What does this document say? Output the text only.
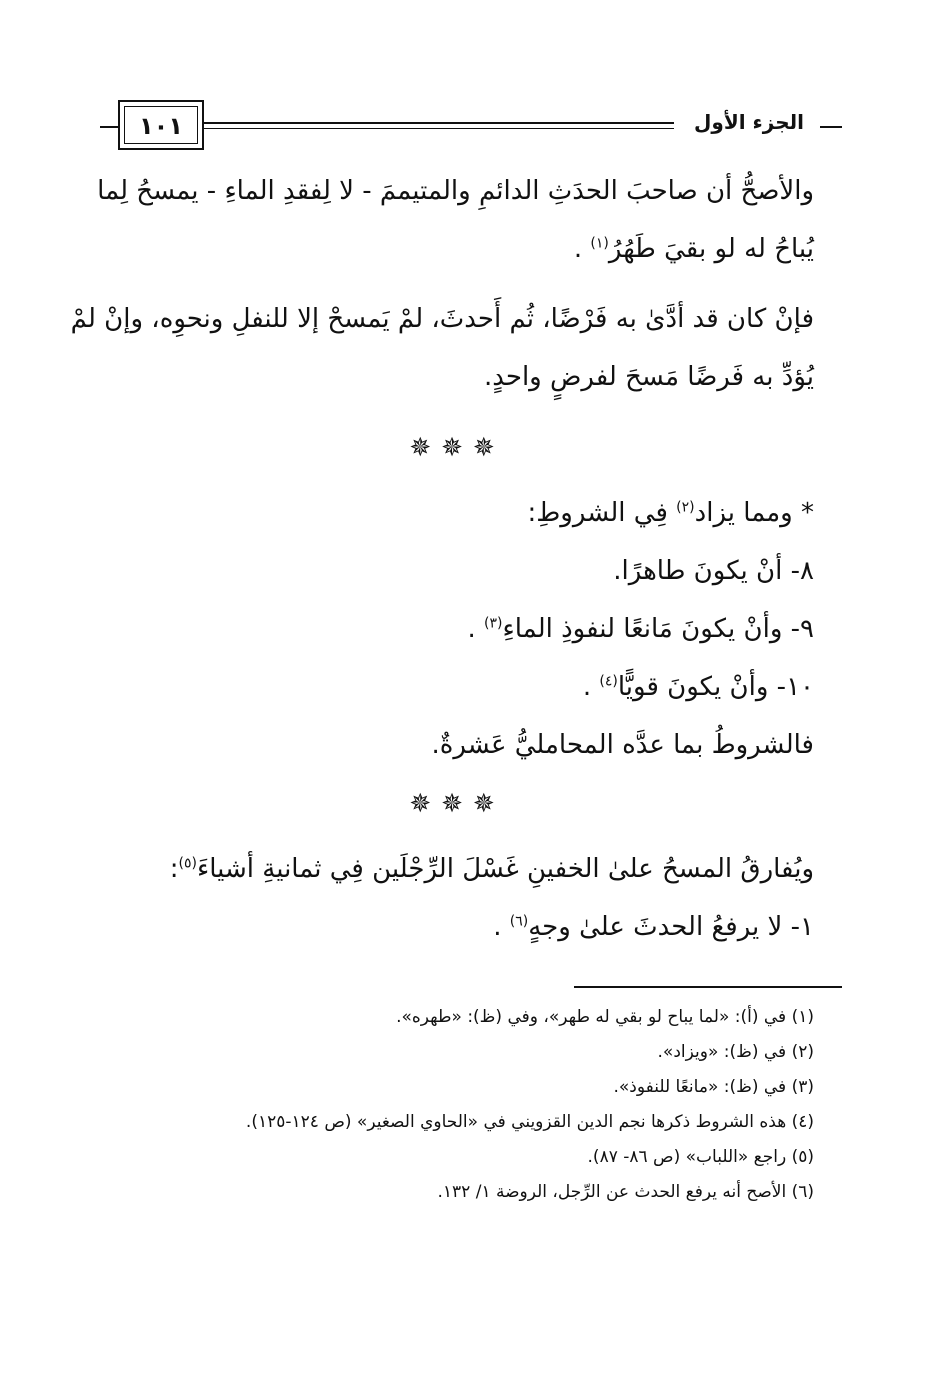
١٠١	الجزء الأول

والأصحُّ أن صاحبَ الحدَثِ الدائمِ والمتيممَ - لا لِفقدِ الماءِ - يمسحُ لِما

يُباحُ له لو بقيَ طَهُرُ$^{(١)}$ .

فإنْ كان قد أدَّىٰ به فَرْضًا، ثُم أَحدثَ، لمْ يَمسحْ إلا للنفلِ ونحوِه، وإنْ لمْ

يُؤدِّ به فَرضًا مَسحَ لفرضٍ واحدٍ.

✵✵✵

* ومما يزاد$^{(٢)}$ فِي الشروطِ:

٨- أنْ يكونَ طاهرًا.

٩- وأنْ يكونَ مَانعًا لنفوذِ الماءِ$^{(٣)}$ .

١٠- وأنْ يكونَ قويًّا$^{(٤)}$ .

فالشروطُ بما عدَّه المحامليُّ عَشرةٌ.

✵✵✵

ويُفارقُ المسحُ علىٰ الخفينِ غَسْلَ الرِّجْلَين فِي ثمانيةِ أشياءَ$^{(٥)}$:

١- لا يرفعُ الحدثَ علىٰ وجهٍ$^{(٦)}$ .

(١) في (أ): «لما يباح لو بقي له طهر»، وفي (ظ): «طهره».

(٢) في (ظ): «ويزاد».

(٣) في (ظ): «مانعًا للنفوذ».

(٤) هذه الشروط ذكرها نجم الدين القزويني في «الحاوي الصغير» (ص ١٢٤-١٢٥).

(٥) راجع «اللباب» (ص ٨٦- ٨٧).

(٦) الأصح أنه يرفع الحدث عن الرِّجل، الروضة ١/ ١٣٢.
